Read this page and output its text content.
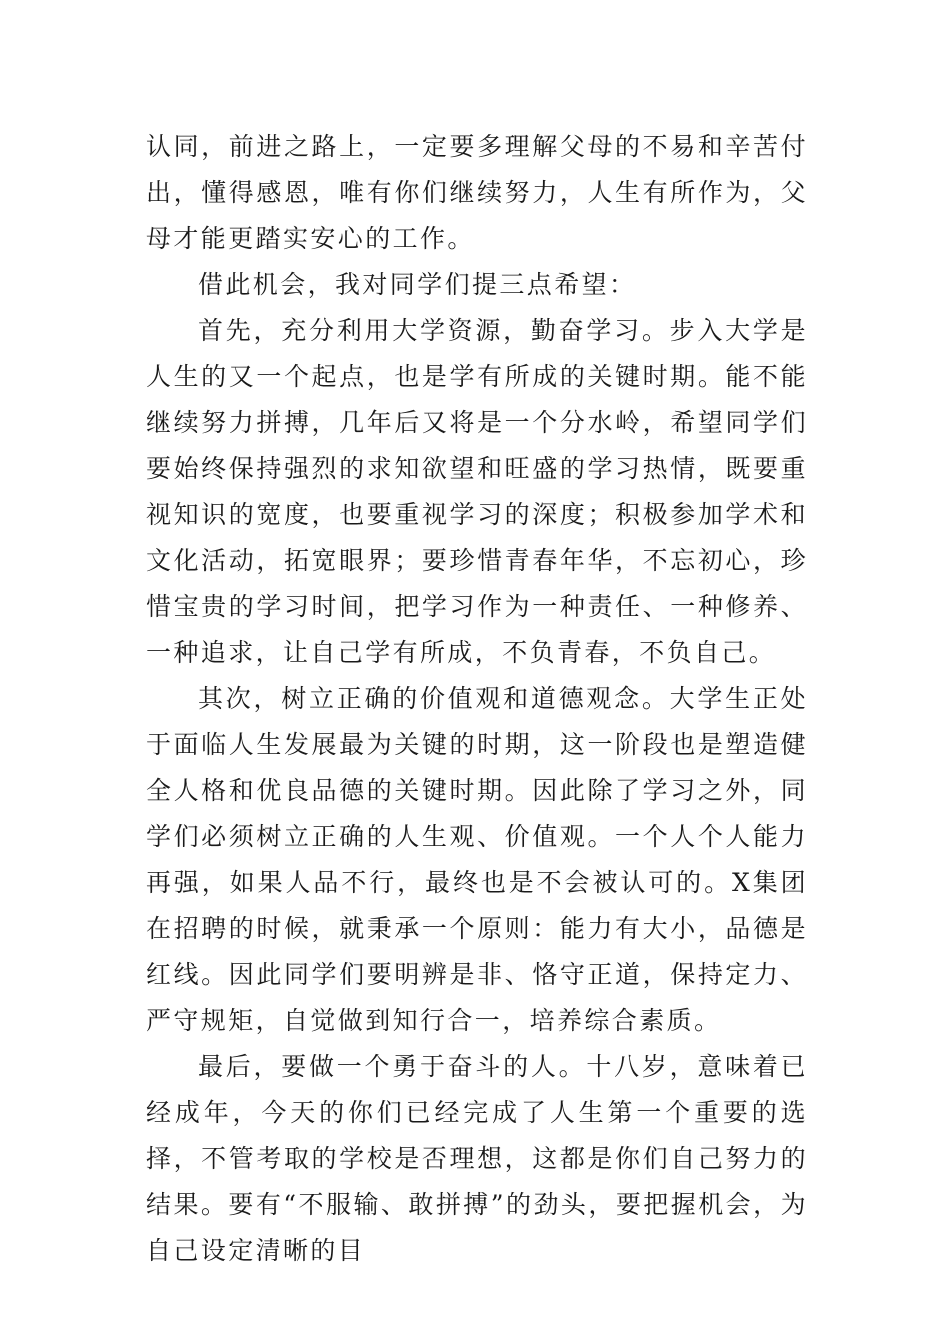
认同，前进之路上，一定要多理解父母的不易和辛苦付出，懂得感恩，唯有你们继续努力，人生有所作为，父母才能更踏实安心的工作。

借此机会，我对同学们提三点希望：

首先，充分利用大学资源，勤奋学习。步入大学是人生的又一个起点，也是学有所成的关键时期。能不能继续努力拼搏，几年后又将是一个分水岭，希望同学们要始终保持强烈的求知欲望和旺盛的学习热情，既要重视知识的宽度，也要重视学习的深度；积极参加学术和文化活动，拓宽眼界；要珍惜青春年华，不忘初心，珍惜宝贵的学习时间，把学习作为一种责任、一种修养、一种追求，让自己学有所成，不负青春，不负自己。

其次，树立正确的价值观和道德观念。大学生正处于面临人生发展最为关键的时期，这一阶段也是塑造健全人格和优良品德的关键时期。因此除了学习之外，同学们必须树立正确的人生观、价值观。一个人个人能力再强，如果人品不行，最终也是不会被认可的。X集团在招聘的时候，就秉承一个原则：能力有大小，品德是红线。因此同学们要明辨是非、恪守正道，保持定力、严守规矩，自觉做到知行合一，培养综合素质。

最后，要做一个勇于奋斗的人。十八岁，意味着已经成年，今天的你们已经完成了人生第一个重要的选择，不管考取的学校是否理想，这都是你们自己努力的结果。要有“不服输、敢拼搏”的劲头，要把握机会，为自己设定清晰的目
